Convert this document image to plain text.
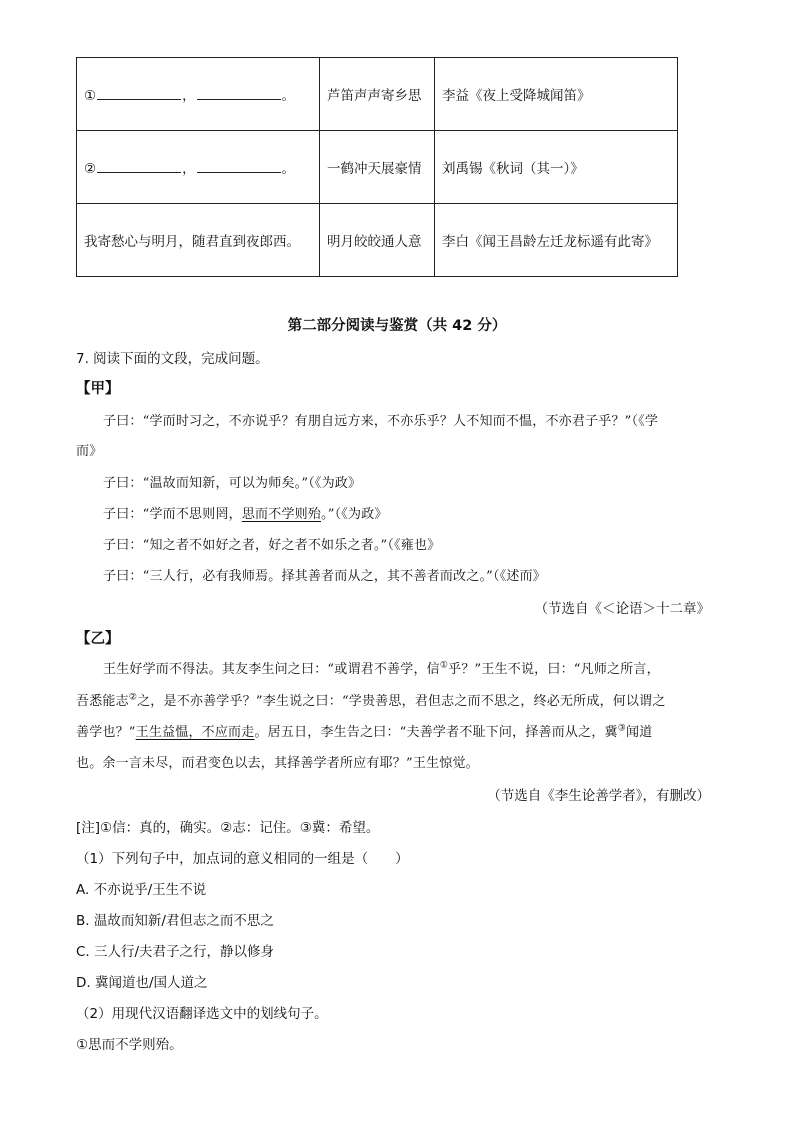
① ， 。	芦笛声声寄乡思	李益《夜上受降城闻笛》
② ， 。	一鹤冲天展豪情	刘禹锡《秋词（其一）》
我寄愁心与明月，随君直到夜郎西。	明月皎皎通人意	李白《闻王昌龄左迁龙标遥有此寄》
第二部分阅读与鉴赏（共 42 分）
7. 阅读下面的文段，完成问题。
【甲】
子曰：“学而时习之，不亦说乎？有朋自远方来，不亦乐乎？人不知而不愠，不亦君子乎？”（《学
而》
子曰：“温故而知新，可以为师矣。”（《为政》
子曰：“学而不思则罔，思而不学则殆。”（《为政》
子曰：“知之者不如好之者，好之者不如乐之者。”（《雍也》
子曰：“三人行，必有我师焉。择其善者而从之，其不善者而改之。”（《述而》
（节选自《＜论语＞十二章》
【乙】
王生好学而不得法。其友李生问之曰：“或谓君不善学，信①乎？”王生不说，曰：“凡师之所言，
吾悉能志②之，是不亦善学乎？”李生说之曰：“学贵善思，君但志之而不思之，终必无所成，何以谓之
善学也？”王生益愠，不应而走。居五日，李生告之曰：“夫善学者不耻下问，择善而从之，冀③闻道
也。余一言未尽，而君变色以去，其择善学者所应有耶？”王生惊觉。
（节选自《李生论善学者》，有删改）
[注]①信：真的，确实。②志：记住。③冀：希望。
（1）下列句子中，加点词的意义相同的一组是（　　）
A. 不亦说乎/王生不说
B. 温故而知新/君但志之而不思之
C. 三人行/夫君子之行，静以修身
D. 冀闻道也/国人道之
（2）用现代汉语翻译选文中的划线句子。
①思而不学则殆。
